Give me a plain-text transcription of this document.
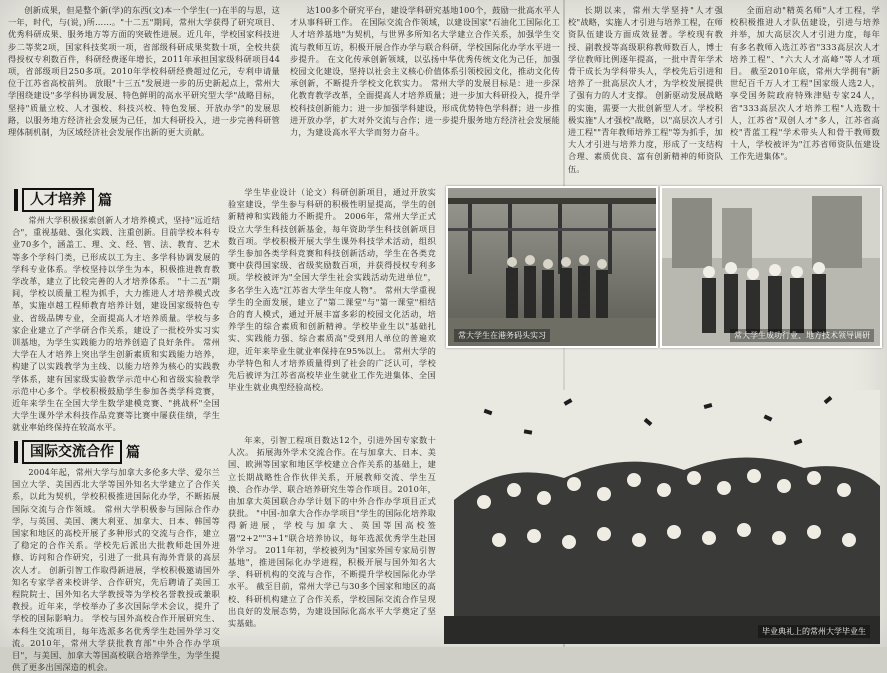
创新成果，但是整个新(学)的东西(文)本一个学生(一)在半的与思，这一年，时代，与(说，)所……。"十二五"期间，常州大学获得了研究项目、优秀科研成果、服务地方等方面的突破性进展。近几年，学校国家科技进步二等奖2项，国家科技奖项一项，省部级科研成果奖数十项，全校共获得授权专利数百件，科研经费逐年增长，2011年承担国家级科研项目44项，省部级项目250多项。2010年学校科研经费超过亿元，专利申请量位于江苏省高校前列。 放眼"十三五"发展进一步的历史新起点上，常州大学围绕建设"多学科协调发展、特色鲜明的高水平研究型大学"战略目标，坚持"质量立校、人才强校、科技兴校、特色发展、开放办学"的发展思路，以服务地方经济社会发展为己任，加大科研投入，进一步完善科研管理体制机制，为区域经济社会发展作出新的更大贡献。

达100多个研究平台，建设学科研究基地100个，鼓励一批高水平人才从事科研工作。 在国际交流合作领域，以建设国家"石油化工国际化工人才培养基地"为契机，与世界多所知名大学建立合作关系，加强学生交流与教师互访，积极开展合作办学与联合科研，学校国际化办学水平进一步提升。 在文化传承创新领域，以弘扬中华优秀传统文化为己任，加强校园文化建设，坚持以社会主义核心价值体系引领校园文化，推动文化传承创新，不断提升学校文化软实力。 常州大学的发展目标是：进一步深化教育教学改革，全面提高人才培养质量；进一步加大科研投入，提升学校科技创新能力；进一步加强学科建设，形成优势特色学科群；进一步推进开放办学，扩大对外交流与合作；进一步提升服务地方经济社会发展能力，为建设高水平大学而努力奋斗。

长期以来，常州大学坚持"人才强校"战略，实施人才引进与培养工程，在师资队伍建设方面成效显著。学校现有教授、副教授等高级职称教师数百人，博士学位教师比例逐年提高，一批中青年学术骨干成长为学科带头人，学校先后引进和培养了一批高层次人才，为学校发展提供了强有力的人才支撑。 创新驱动发展战略的实施，需要一大批创新型人才。学校积极实施"人才强校"战略，以"高层次人才引进工程""青年教师培养工程"等为抓手，加大人才引进与培养力度，形成了一支结构合理、素质优良、富有创新精神的师资队伍。

全面启动"精英名师"人才工程，学校积极推进人才队伍建设，引进与培养并举，加大高层次人才引进力度，每年有多名教师入选江苏省"333高层次人才培养工程"、"六大人才高峰"等人才项目。 截至2010年底，常州大学拥有"新世纪百千万人才工程"国家级人选2人，享受国务院政府特殊津贴专家24人，省"333高层次人才培养工程"人选数十人，江苏省"双创人才"多人，江苏省高校"青蓝工程"学术带头人和骨干教师数十人，学校被评为"江苏省师资队伍建设工作先进集体"。

人才培养 篇

常州大学积极探索创新人才培养模式，坚持"远近结合"，重视基础、强化实践、注重创新。目前学校本科专业70多个，涵盖工、理、文、经、管、法、教育、艺术等多个学科门类，已形成以工为主、多学科协调发展的学科专业体系。学校坚持以学生为本，积极推进教育教学改革，建立了比较完善的人才培养体系。 "十二五"期间，学校以质量工程为抓手，大力推进人才培养模式改革，实施卓越工程师教育培养计划，建设国家级特色专业、省级品牌专业，全面提高人才培养质量。学校与多家企业建立了产学研合作关系，建设了一批校外实习实训基地，为学生实践能力的培养创造了良好条件。 常州大学在人才培养上突出学生创新素质和实践能力培养，构建了以实践教学为主线、以能力培养为核心的实践教学体系，建有国家级实验教学示范中心和省级实验教学示范中心多个。学校积极鼓励学生参加各类学科竞赛，近年来学生在全国大学生数学建模竞赛、"挑战杯"全国大学生课外学术科技作品竞赛等比赛中屡获佳绩，学生就业率始终保持在较高水平。

学生毕业设计（论文）科研创新项目，通过开放实验室建设，学生参与科研的积极性明显提高，学生的创新精神和实践能力不断提升。 2006年，常州大学正式设立大学生科技创新基金，每年资助学生科技创新项目数百项。学校积极开展大学生课外科技学术活动，组织学生参加各类学科竞赛和科技创新活动，学生在各类竞赛中获得国家级、省级奖励数百项，并获得授权专利多项。学校被评为"全国大学生社会实践活动先进单位"，多名学生入选"江苏省大学生年度人物"。 常州大学重视学生的全面发展，建立了"第二课堂"与"第一课堂"相结合的育人模式，通过开展丰富多彩的校园文化活动，培养学生的综合素质和创新精神。学校毕业生以"基础扎实、实践能力强、综合素质高"受到用人单位的普遍欢迎，近年来毕业生就业率保持在95%以上。 常州大学的办学特色和人才培养质量得到了社会的广泛认可，学校先后被评为江苏省高校毕业生就业工作先进集体、全国毕业生就业典型经验高校。

常大学生在港务码头实习	常大学生成功行业、地方技术领导调研
国际交流合作 篇

2004年起，常州大学与加拿大多伦多大学、爱尔兰国立大学、美国西北大学等国外知名大学建立了合作关系，以此为契机，学校积极推进国际化办学，不断拓展国际交流与合作领域。 常州大学积极参与国际合作办学，与英国、美国、澳大利亚、加拿大、日本、韩国等国家和地区的高校开展了多种形式的交流与合作，建立了稳定的合作关系。学校先后派出大批教师赴国外进修、访问和合作研究，引进了一批具有海外背景的高层次人才。 创新引智工作取得新进展，学校积极邀请国外知名专家学者来校讲学、合作研究，先后聘请了美国工程院院士、国外知名大学教授等为学校名誉教授或兼职教授。近年来，学校举办了多次国际学术会议，提升了学校的国际影响力。 学校与国外高校合作开展研究生、本科生交流项目，每年选派多名优秀学生赴国外学习交流。2010年，常州大学获批教育部"中外合作办学项目"，与美国、加拿大等国高校联合培养学生，为学生提供了更多出国深造的机会。

年来，引智工程项目数达12个，引进外国专家数十人次。 拓展海外学术交流合作。在与加拿大、日本、美国、欧洲等国家和地区学校建立合作关系的基础上，建立长期战略性合作伙伴关系，开展教师交流、学生互换、合作办学、联合培养研究生等合作项目。2010年，由加拿大英国联合办学计划下的中外合作办学项目正式获批。 "中国-加拿大合作办学项目"学生的国际化培养取得新进展，学校与加拿大、英国等国高校签署"2+2""3+1"联合培养协议，每年选派优秀学生赴国外学习。 2011年初，学校被列为"国家外国专家局引智基地"，推进国际化办学进程，积极开展与国外知名大学、科研机构的交流与合作，不断提升学校国际化办学水平。 截至目前，常州大学已与30多个国家和地区的高校、科研机构建立了合作关系，学校国际交流合作呈现出良好的发展态势，为建设国际化高水平大学奠定了坚实基础。

毕业典礼上的常州大学毕业生
